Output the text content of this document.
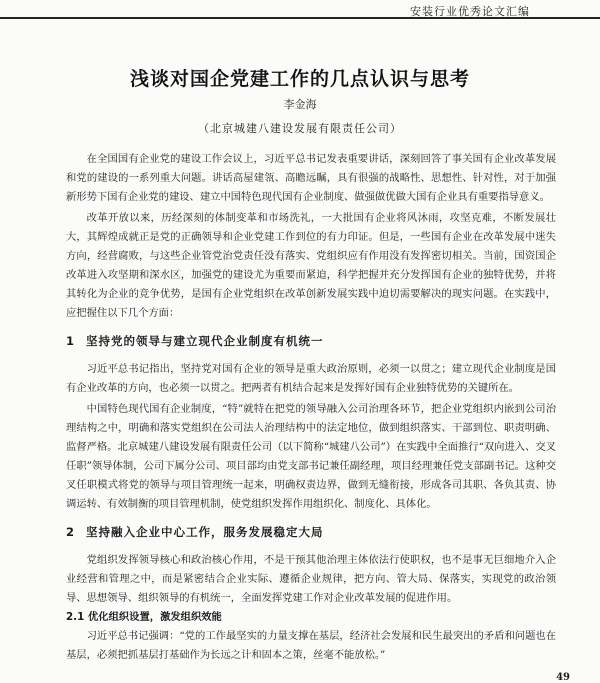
安装行业优秀论文汇编
浅谈对国企党建工作的几点认识与思考
李金海
（北京城建八建设发展有限责任公司）

在全国国有企业党的建设工作会议上，习近平总书记发表重要讲话，深刻回答了事关国有企业改革发展和党的建设的一系列重大问题。讲话高屋建瓴、高瞻远瞩，具有很强的战略性、思想性、针对性，对于加强新形势下国有企业党的建设、建立中国特色现代国有企业制度、做强做优做大国有企业具有重要指导意义。

改革开放以来，历经深刻的体制变革和市场洗礼，一大批国有企业将风沐雨，攻坚克难，不断发展壮大，其辉煌成就正是党的正确领导和企业党建工作到位的有力印证。但是，一些国有企业在改革发展中迷失方向，经营腐败，与这些企业管党治党责任没有落实、党组织应有作用没有发挥密切相关。当前，国资国企改革进入攻坚期和深水区，加强党的建设尤为重要而紧迫，科学把握并充分发挥国有企业的独特优势，并将其转化为企业的竞争优势，是国有企业党组织在改革创新发展实践中迫切需要解决的现实问题。在实践中，应把握住以下几个方面：

1 坚持党的领导与建立现代企业制度有机统一

习近平总书记指出，坚持党对国有企业的领导是重大政治原则，必须一以贯之；建立现代企业制度是国有企业改革的方向，也必须一以贯之。把两者有机结合起来是发挥好国有企业独特优势的关键所在。

中国特色现代国有企业制度，“特”就特在把党的领导融入公司治理各环节，把企业党组织内嵌到公司治理结构之中，明确和落实党组织在公司法人治理结构中的法定地位，做到组织落实、干部到位、职责明确、监督严格。北京城建八建设发展有限责任公司（以下简称“城建八公司”）在实践中全面推行“双向进入、交叉任职”领导体制，公司下属分公司、项目部均由党支部书记兼任副经理，项目经理兼任党支部副书记。这种交叉任职模式将党的领导与项目管理统一起来，明确权责边界，做到无缝衔接，形成各司其职、各负其责、协调运转、有效制衡的项目管理机制，使党组织发挥作用组织化、制度化、具体化。

2 坚持融入企业中心工作，服务发展稳定大局

党组织发挥领导核心和政治核心作用，不是干预其他治理主体依法行使职权，也不是事无巨细地介入企业经营和管理之中，而是紧密结合企业实际、遵循企业规律，把方向、管大局、保落实，实现党的政治领导、思想领导、组织领导的有机统一，全面发挥党建工作对企业改革发展的促进作用。

2.1 优化组织设置，激发组织效能

习近平总书记强调：“党的工作最坚实的力量支撑在基层，经济社会发展和民生最突出的矛盾和问题也在基层，必须把抓基层打基础作为长远之计和固本之策，丝毫不能放松。”

49
